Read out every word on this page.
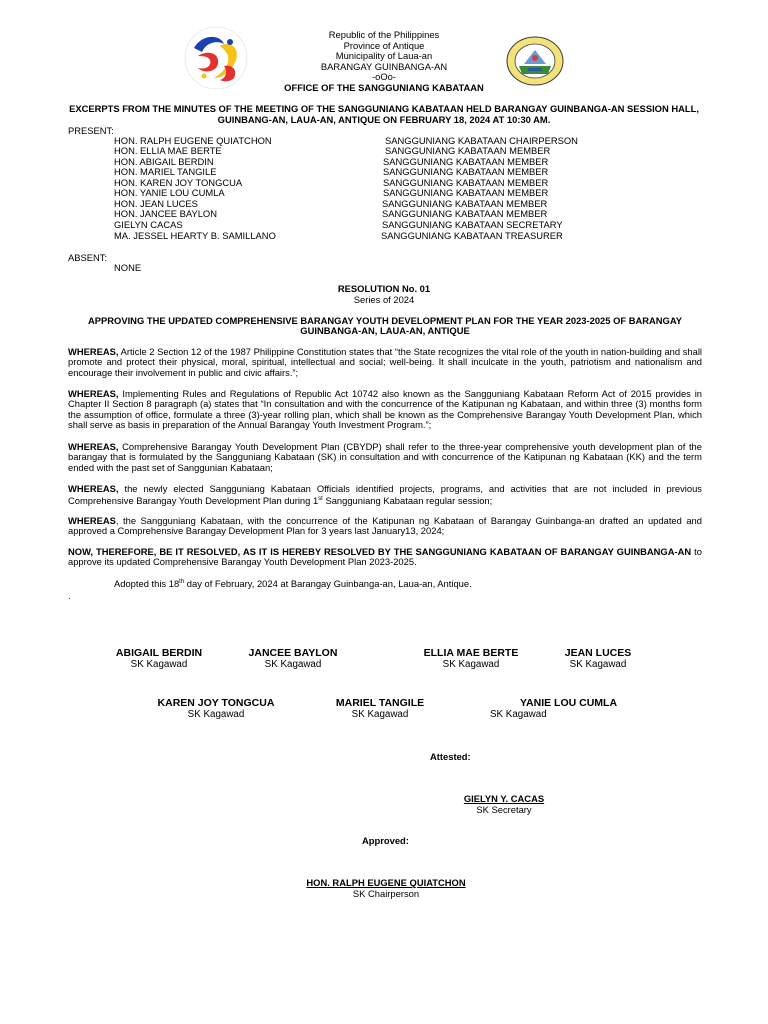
Republic of the Philippines
Province of Antique
Municipality of Laua-an
BARANGAY GUINBANGA-AN
-oOo-
OFFICE OF THE SANGGUNIANG KABATAAN
EXCERPTS FROM THE MINUTES OF THE MEETING OF THE SANGGUNIANG KABATAAN HELD BARANGAY GUINBANGA-AN SESSION HALL,
GUINBANG-AN, LAUA-AN, ANTIQUE ON FEBRUARY 18, 2024 AT 10:30 AM.
PRESENT:
HON. RALPH EUGENE QUIATCHON	SANGGUNIANG KABATAAN CHAIRPERSON
HON. ELLIA MAE BERTE	SANGGUNIANG KABATAAN MEMBER
HON. ABIGAIL BERDIN	SANGGUNIANG KABATAAN MEMBER
HON. MARIEL TANGILE	SANGGUNIANG KABATAAN MEMBER
HON. KAREN JOY TONGCUA	SANGGUNIANG KABATAAN MEMBER
HON. YANIE LOU CUMLA	SANGGUNIANG KABATAAN MEMBER
HON. JEAN LUCES	SANGGUNIANG KABATAAN MEMBER
HON. JANCEE BAYLON	SANGGUNIANG KABATAAN MEMBER
GIELYN CACAS	SANGGUNIANG KABATAAN SECRETARY
MA. JESSEL HEARTY B. SAMILLANO	SANGGUNIANG KABATAAN TREASURER
ABSENT:
NONE
RESOLUTION No. 01
Series of 2024
APPROVING THE UPDATED COMPREHENSIVE BARANGAY YOUTH DEVELOPMENT PLAN FOR THE YEAR 2023-2025 OF BARANGAY
GUINBANGA-AN, LAUA-AN, ANTIQUE
WHEREAS, Article 2 Section 12 of the 1987 Philippine Constitution states that “the State recognizes the vital role of the youth in nation-building and shall promote and protect their physical, moral, spiritual, intellectual and social; well-being. It shall inculcate in the youth, patriotism and nationalism and encourage their involvement in public and civic affairs.”;
WHEREAS, Implementing Rules and Regulations of Republic Act 10742 also known as the Sangguniang Kabataan Reform Act of 2015 provides in Chapter II Section 8 paragraph (a) states that “In consultation and with the concurrence of the Katipunan ng Kabataan, and within three (3) months form the assumption of office, formulate a three (3)-year rolling plan, which shall be known as the Comprehensive Barangay Youth Development Plan, which shall serve as basis in preparation of the Annual Barangay Youth Investment Program.”;
WHEREAS, Comprehensive Barangay Youth Development Plan (CBYDP) shall refer to the three-year comprehensive youth development plan of the barangay that is formulated by the Sangguniang Kabataan (SK) in consultation and with concurrence of the Katipunan ng Kabataan (KK) and the term ended with the past set of Sanggunian Kabataan;
WHEREAS, the newly elected Sangguniang Kabataan Officials identified projects, programs, and activities that are not included in previous Comprehensive Barangay Youth Development Plan during 1st Sangguniang Kabataan regular session;
WHEREAS, the Sangguniang Kabataan, with the concurrence of the Katipunan ng Kabataan of Barangay Guinbanga-an drafted an updated and approved a Comprehensive Barangay Development Plan for 3 years last January13, 2024;
NOW, THEREFORE, BE IT RESOLVED, AS IT IS HEREBY RESOLVED BY THE SANGGUNIANG KABATAAN OF BARANGAY GUINBANGA-AN to approve its updated Comprehensive Barangay Youth Development Plan 2023-2025.
Adopted this 18th day of February, 2024 at Barangay Guinbanga-an, Laua-an, Antique.
.
ABIGAIL BERDIN
SK Kagawad
JANCEE BAYLON
SK Kagawad
ELLIA MAE BERTE
SK Kagawad
JEAN LUCES
SK Kagawad
KAREN JOY TONGCUA
SK Kagawad
MARIEL TANGILE
SK Kagawad
YANIE LOU CUMLA
SK Kagawad
Attested:
GIELYN Y. CACAS
SK Secretary
Approved:
HON. RALPH EUGENE QUIATCHON
SK Chairperson
